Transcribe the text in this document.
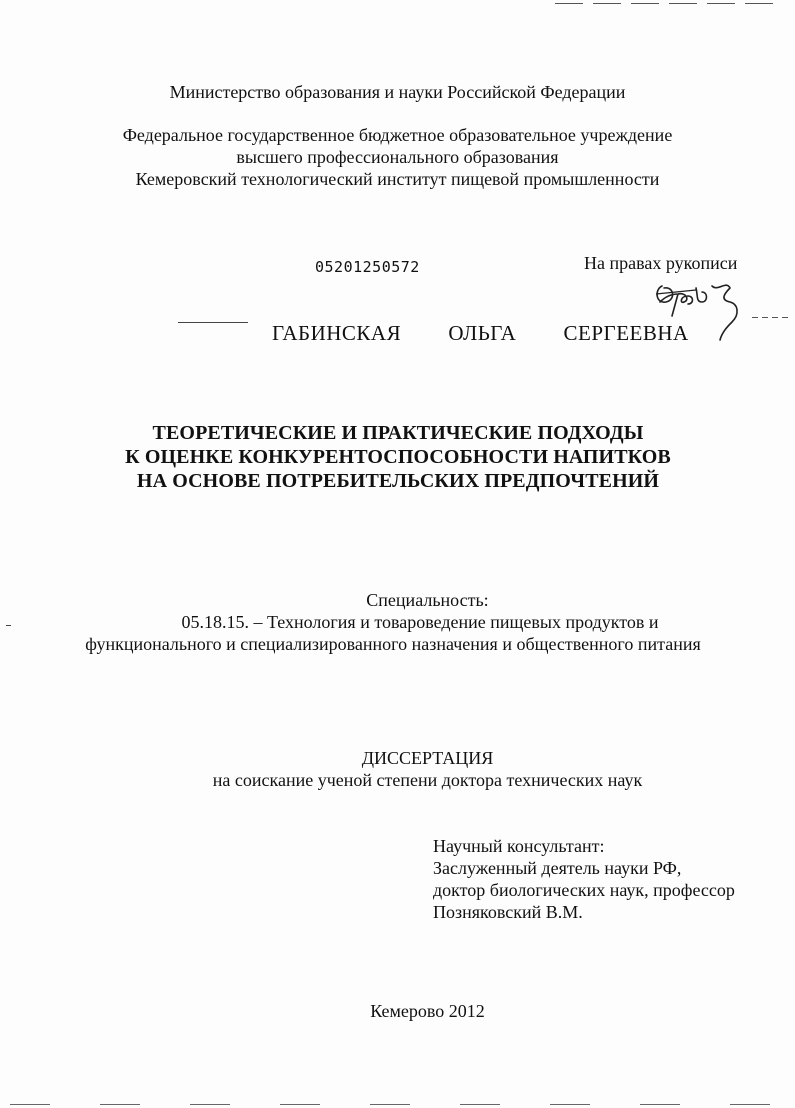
Министерство образования и науки Российской Федерации
Федеральное государственное бюджетное образовательное учреждение
высшего профессионального образования
Кемеровский технологический институт пищевой промышленности
05201250572	На правах рукописи
ГАБИНСКАЯ   ОЛЬГА   СЕРГЕЕВНА
ТЕОРЕТИЧЕСКИЕ И ПРАКТИЧЕСКИЕ ПОДХОДЫ
К ОЦЕНКЕ КОНКУРЕНТОСПОСОБНОСТИ НАПИТКОВ
НА ОСНОВЕ ПОТРЕБИТЕЛЬСКИХ ПРЕДПОЧТЕНИЙ
Специальность:
05.18.15. – Технология и товароведение пищевых продуктов и
функционального и специализированного назначения и общественного питания
ДИССЕРТАЦИЯ
на соискание ученой степени доктора технических наук
Научный консультант:
Заслуженный деятель науки РФ,
доктор биологических наук, профессор
Позняковский В.М.
Кемерово 2012
